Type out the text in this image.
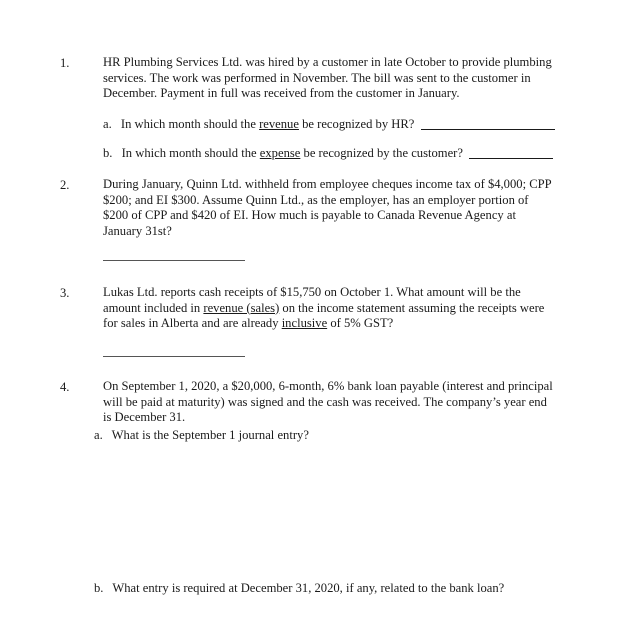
1.	HR Plumbing Services Ltd. was hired by a customer in late October to provide plumbing
services. The work was performed in November. The bill was sent to the customer in
December. Payment in full was received from the customer in January.
a. In which month should the revenue be recognized by HR?
b. In which month should the expense be recognized by the customer?
2.	During January, Quinn Ltd. withheld from employee cheques income tax of $4,000; CPP
$200; and EI $300. Assume Quinn Ltd., as the employer, has an employer portion of
$200 of CPP and $420 of EI. How much is payable to Canada Revenue Agency at
January 31st?
3.	Lukas Ltd. reports cash receipts of $15,750 on October 1. What amount will be the
amount included in revenue (sales) on the income statement assuming the receipts were
for sales in Alberta and are already inclusive of 5% GST?
4.	On September 1, 2020, a $20,000, 6-month, 6% bank loan payable (interest and principal
will be paid at maturity) was signed and the cash was received. The company’s year end
is December 31.
a. What is the September 1 journal entry?
b. What entry is required at December 31, 2020, if any, related to the bank loan?
